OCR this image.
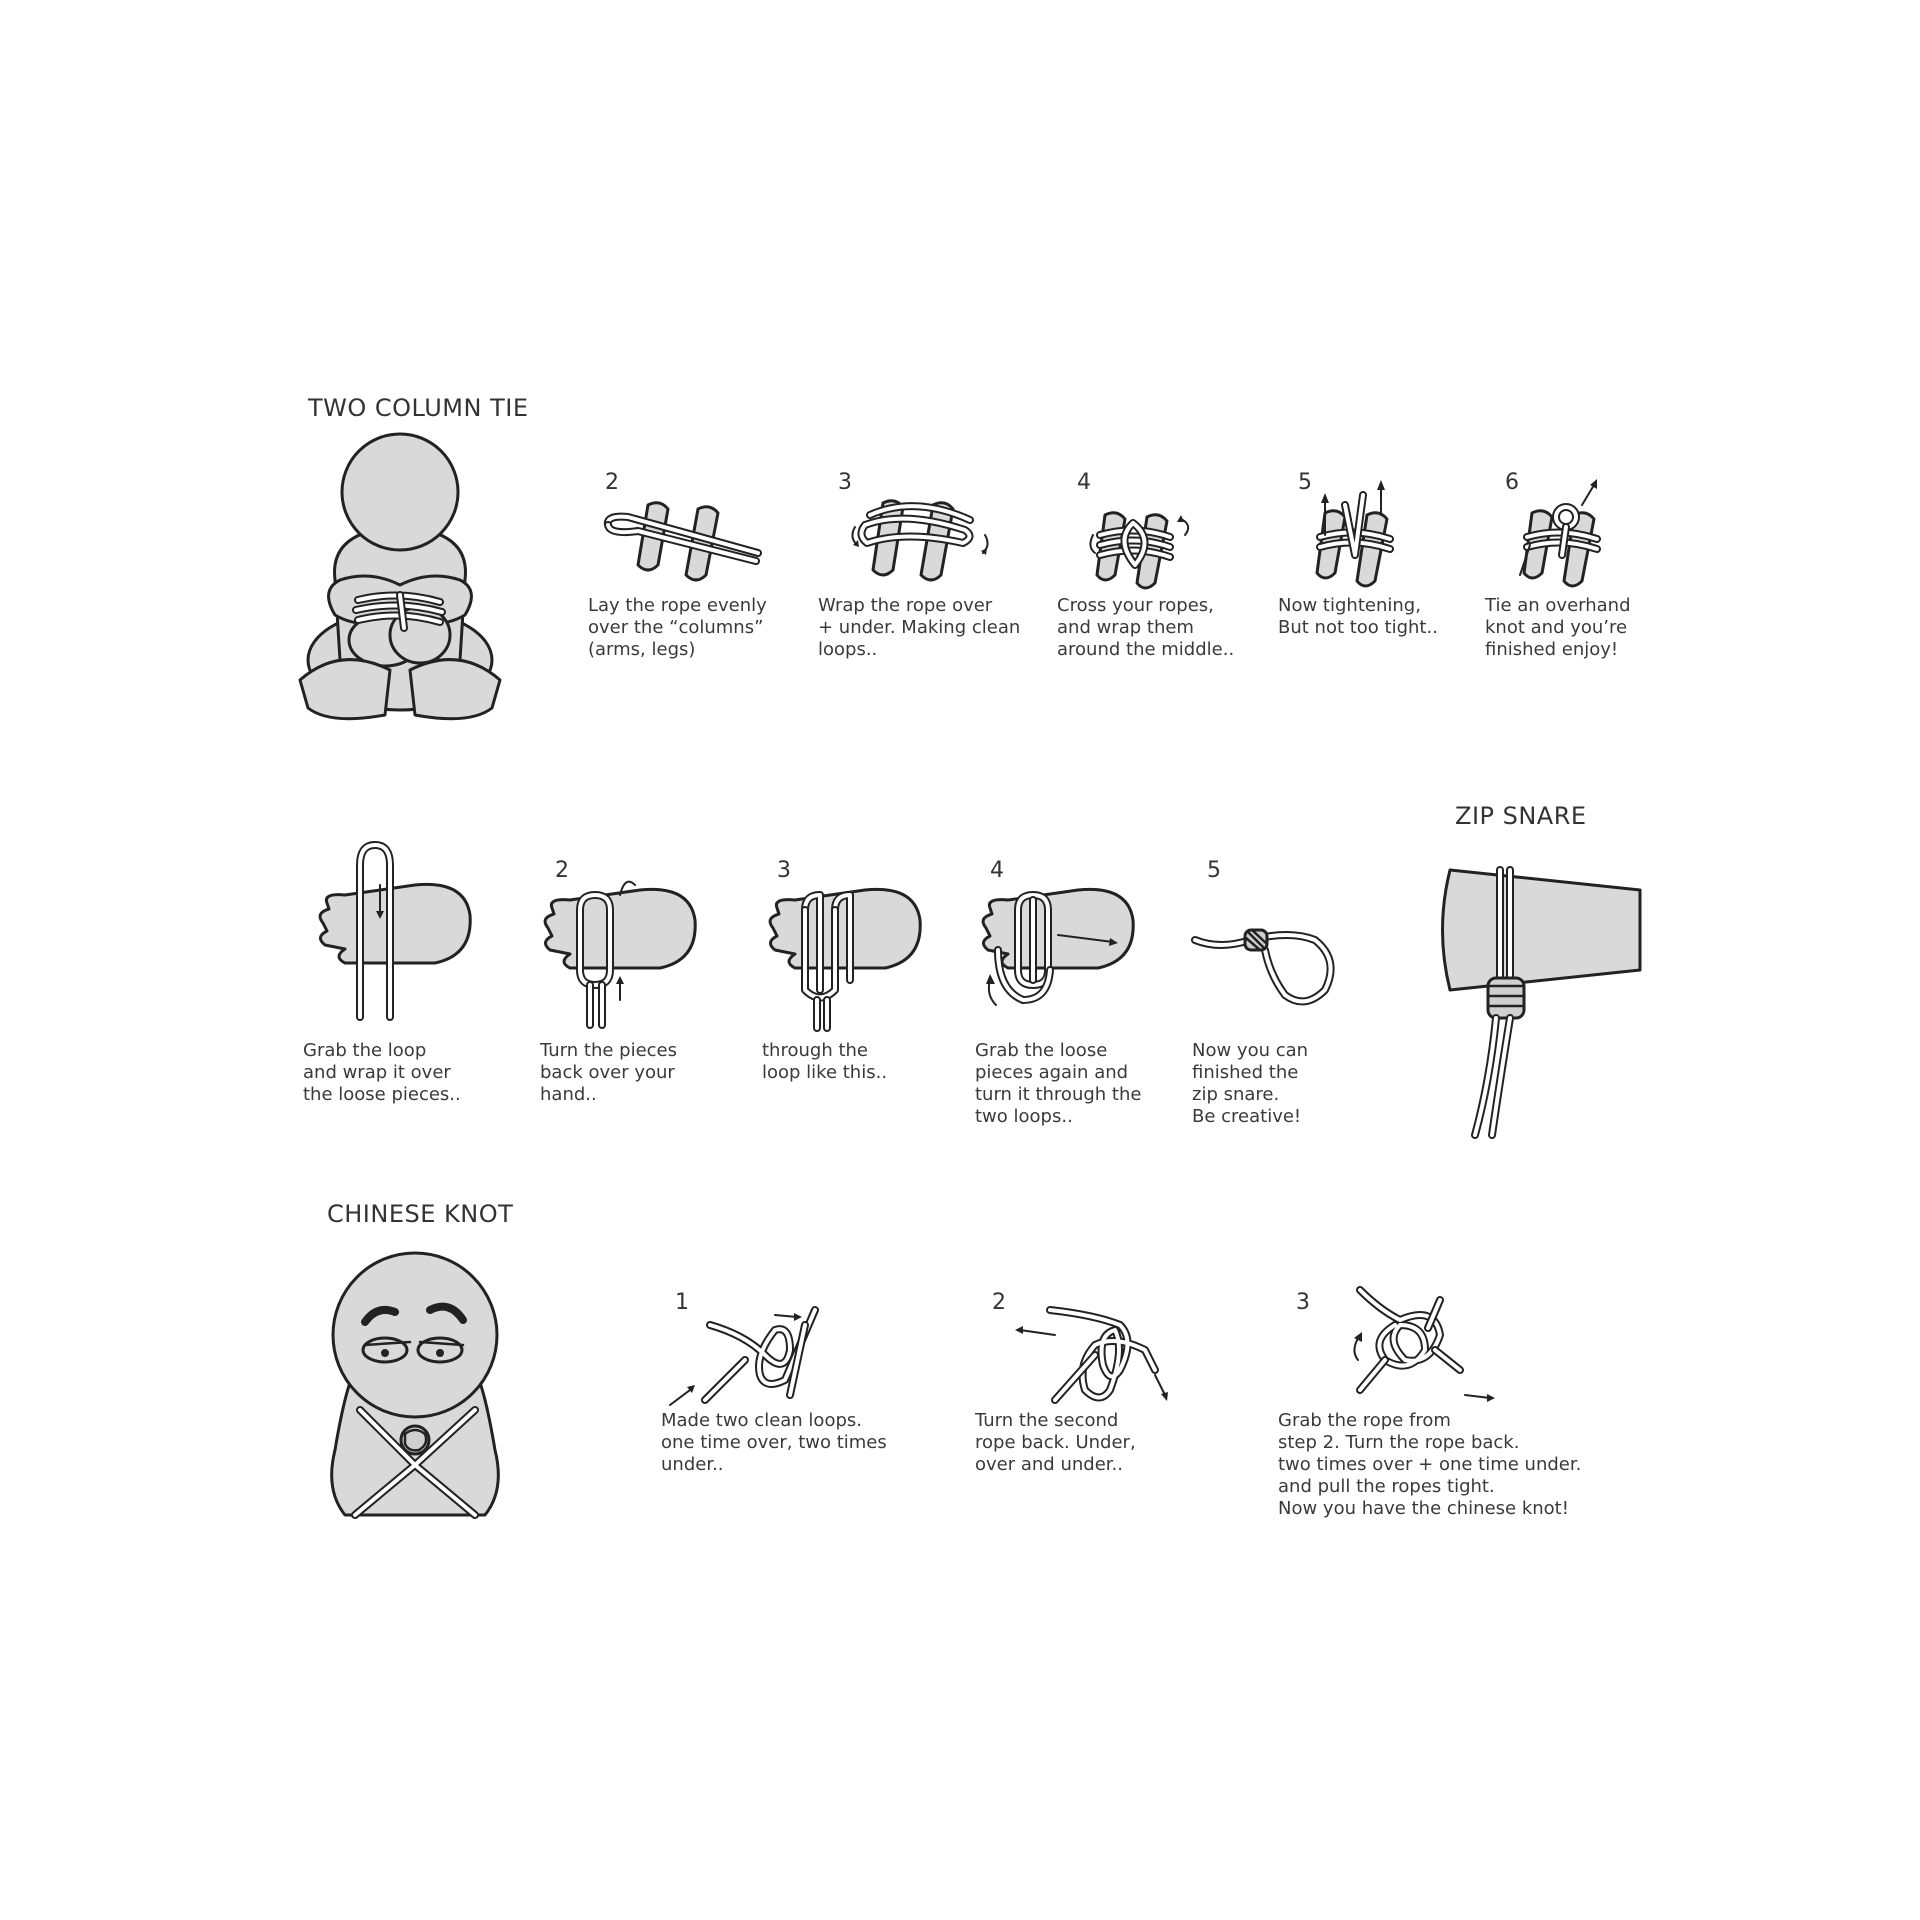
TWO COLUMN TIE
2
Lay the rope evenly
over the “columns”
(arms, legs)
3
Wrap the rope over
+ under. Making clean
loops..
4
Cross your ropes,
and wrap them
around the middle..
5
Now tightening,
But not too tight..
6
Tie an overhand
knot and you’re
finished enjoy!
ZIP SNARE
Grab the loop
and wrap it over
the loose pieces..
2
Turn the pieces
back over your
hand..
3
through the
loop like this..
4
Grab the loose
pieces again and
turn it through the
two loops..
5
Now you can
finished the
zip snare.
Be creative!
CHINESE KNOT
1
Made two clean loops.
one time over, two times
under..
2
Turn the second
rope back. Under,
over and under..
3
Grab the rope from
step 2. Turn the rope back.
two times over + one time under.
and pull the ropes tight.
Now you have the chinese knot!
